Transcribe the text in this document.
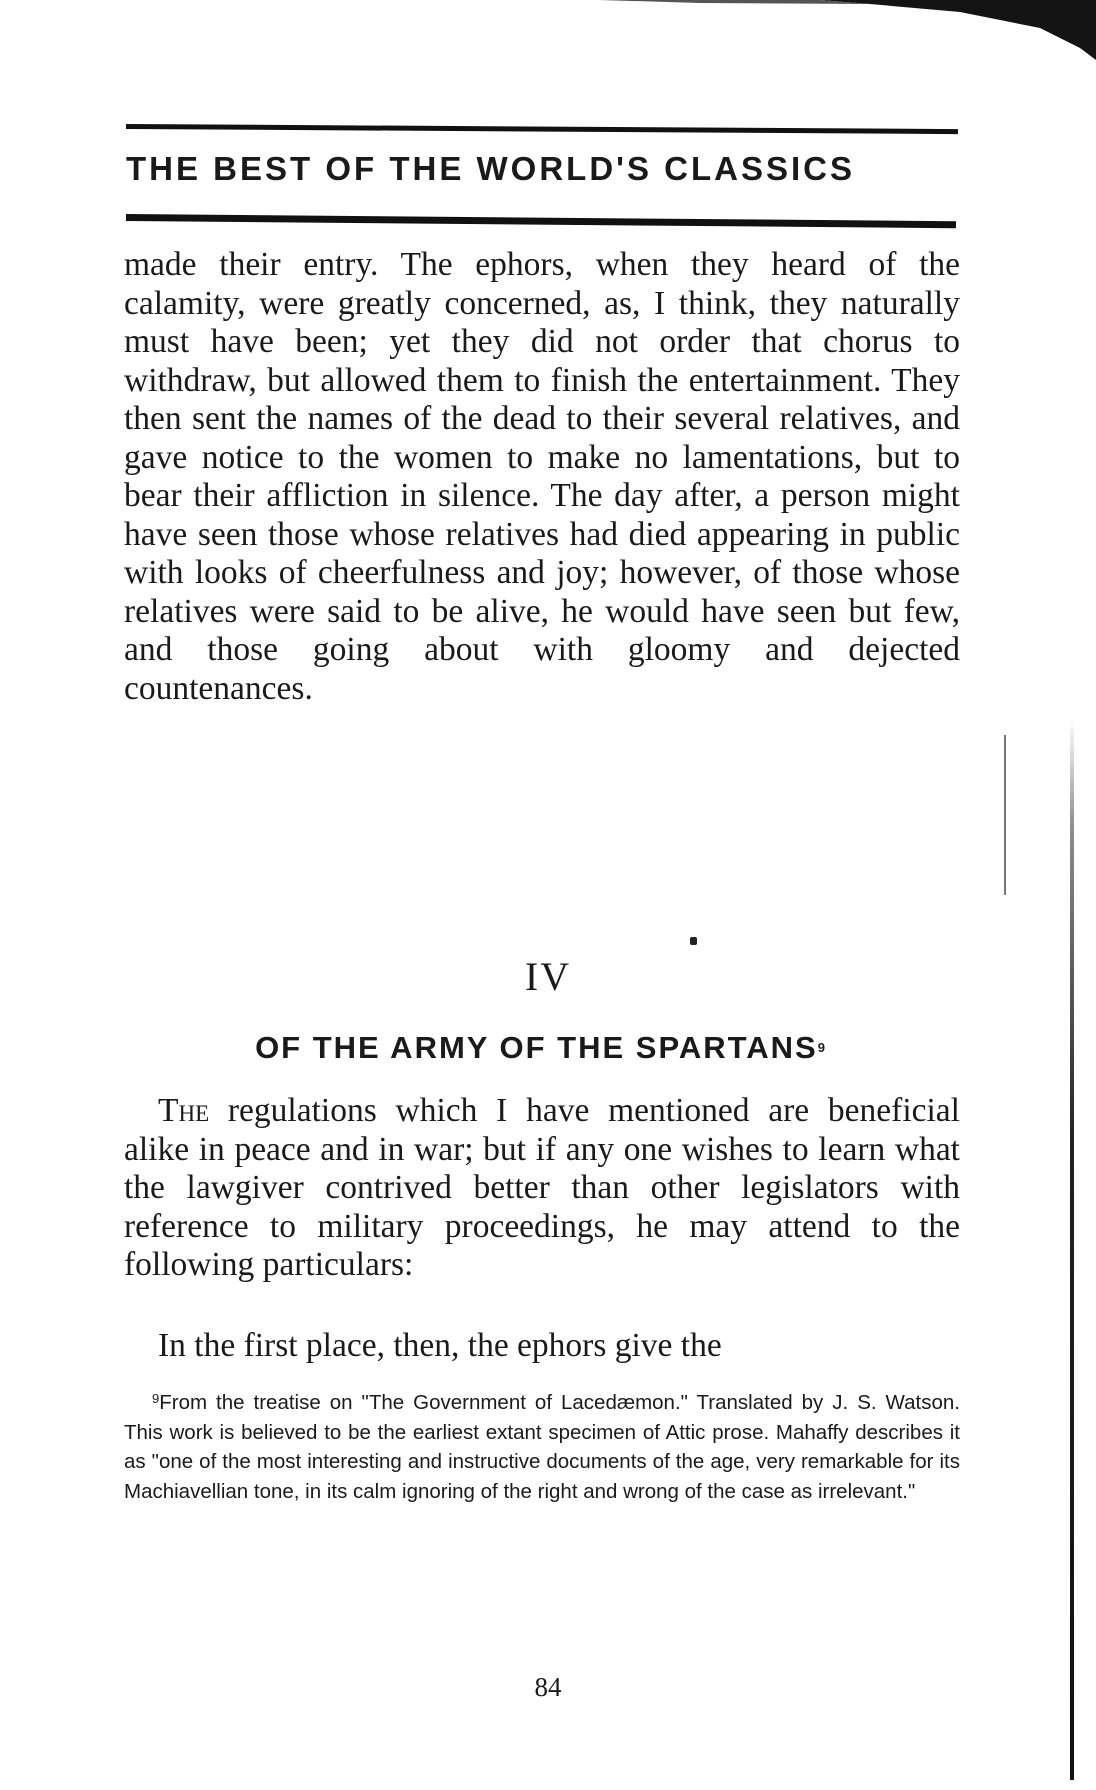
THE BEST OF THE WORLD'S CLASSICS

made their entry. The ephors, when they heard of the calamity, were greatly concerned, as, I think, they naturally must have been; yet they did not order that chorus to withdraw, but allowed them to finish the entertainment. They then sent the names of the dead to their several relatives, and gave notice to the women to make no lamentations, but to bear their affliction in silence. The day after, a person might have seen those whose relatives had died appearing in public with looks of cheerfulness and joy; however, of those whose relatives were said to be alive, he would have seen but few, and those going about with gloomy and dejected countenances.

IV
OF THE ARMY OF THE SPARTANS$^9$

The regulations which I have mentioned are beneficial alike in peace and in war; but if any one wishes to learn what the lawgiver contrived better than other legislators with reference to military proceedings, he may attend to the following particulars:

In the first place, then, the ephors give the

$^9$From the treatise on "The Government of Lacedæmon." Translated by J. S. Watson. This work is believed to be the earliest extant specimen of Attic prose. Mahaffy describes it as "one of the most interesting and instructive documents of the age, very remarkable for its Machiavellian tone, in its calm ignoring of the right and wrong of the case as irrelevant."

84
